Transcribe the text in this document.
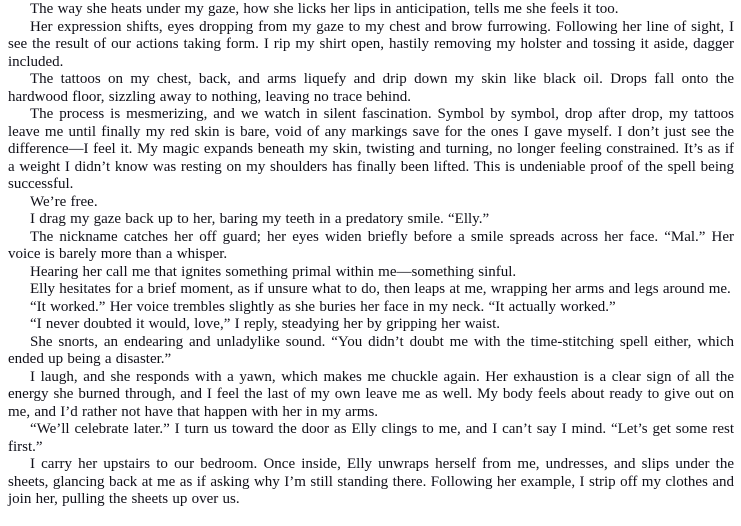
The way she heats under my gaze, how she licks her lips in anticipation, tells me she feels it too.

Her expression shifts, eyes dropping from my gaze to my chest and brow furrowing. Following her line of sight, I see the result of our actions taking form. I rip my shirt open, hastily removing my holster and tossing it aside, dagger included.

The tattoos on my chest, back, and arms liquefy and drip down my skin like black oil. Drops fall onto the hardwood floor, sizzling away to nothing, leaving no trace behind.

The process is mesmerizing, and we watch in silent fascination. Symbol by symbol, drop after drop, my tattoos leave me until finally my red skin is bare, void of any markings save for the ones I gave myself. I don’t just see the difference—I feel it. My magic expands beneath my skin, twisting and turning, no longer feeling constrained. It’s as if a weight I didn’t know was resting on my shoulders has finally been lifted. This is undeniable proof of the spell being successful.

We’re free.

I drag my gaze back up to her, baring my teeth in a predatory smile. “Elly.”

The nickname catches her off guard; her eyes widen briefly before a smile spreads across her face. “Mal.” Her voice is barely more than a whisper.

Hearing her call me that ignites something primal within me—something sinful.

Elly hesitates for a brief moment, as if unsure what to do, then leaps at me, wrapping her arms and legs around me.

“It worked.” Her voice trembles slightly as she buries her face in my neck. “It actually worked.”

“I never doubted it would, love,” I reply, steadying her by gripping her waist.

She snorts, an endearing and unladylike sound. “You didn’t doubt me with the time-stitching spell either, which ended up being a disaster.”

I laugh, and she responds with a yawn, which makes me chuckle again. Her exhaustion is a clear sign of all the energy she burned through, and I feel the last of my own leave me as well. My body feels about ready to give out on me, and I’d rather not have that happen with her in my arms.

“We’ll celebrate later.” I turn us toward the door as Elly clings to me, and I can’t say I mind. “Let’s get some rest first.”

I carry her upstairs to our bedroom. Once inside, Elly unwraps herself from me, undresses, and slips under the sheets, glancing back at me as if asking why I’m still standing there. Following her example, I strip off my clothes and join her, pulling the sheets up over us.
